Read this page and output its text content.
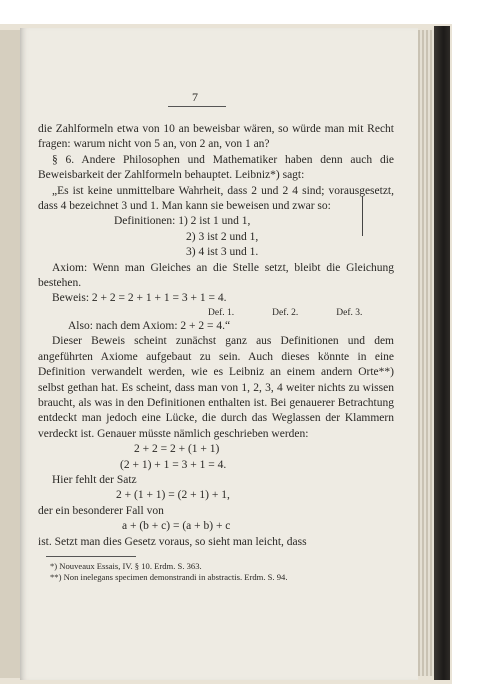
7

die Zahlformeln etwa von 10 an beweisbar wären, so würde man mit Recht fragen: warum nicht von 5 an, von 2 an, von 1 an?

§ 6. Andere Philosophen und Mathematiker haben denn auch die Beweisbarkeit der Zahlformeln behauptet. Leibniz*) sagt:

„Es ist keine unmittelbare Wahrheit, dass 2 und 2 4 sind; vorausgesetzt, dass 4 bezeichnet 3 und 1. Man kann sie beweisen und zwar so:

Definitionen: 1) 2 ist 1 und 1,

2) 3 ist 2 und 1,

3) 4 ist 3 und 1.

Axiom: Wenn man Gleiches an die Stelle setzt, bleibt die Gleichung bestehen.

Beweis: 2 + 2 = 2 + 1 + 1 = 3 + 1 = 4.

Def. 1.	Def. 2.	Def. 3.

Also: nach dem Axiom: 2 + 2 = 4.“

Dieser Beweis scheint zunächst ganz aus Definitionen und dem angeführten Axiome aufgebaut zu sein. Auch dieses könnte in eine Definition verwandelt werden, wie es Leibniz an einem andern Orte**) selbst gethan hat. Es scheint, dass man von 1, 2, 3, 4 weiter nichts zu wissen braucht, als was in den Definitionen enthalten ist. Bei genauerer Betrachtung entdeckt man jedoch eine Lücke, die durch das Weglassen der Klammern verdeckt ist. Genauer müsste nämlich geschrieben werden:

2 + 2 = 2 + (1 + 1)

(2 + 1) + 1 = 3 + 1 = 4.

Hier fehlt der Satz

2 + (1 + 1) = (2 + 1) + 1,

der ein besonderer Fall von

a + (b + c) = (a + b) + c

ist. Setzt man dies Gesetz voraus, so sieht man leicht, dass

*) Nouveaux Essais, IV. § 10. Erdm. S. 363.

**) Non inelegans specimen demonstrandi in abstractis. Erdm. S. 94.
